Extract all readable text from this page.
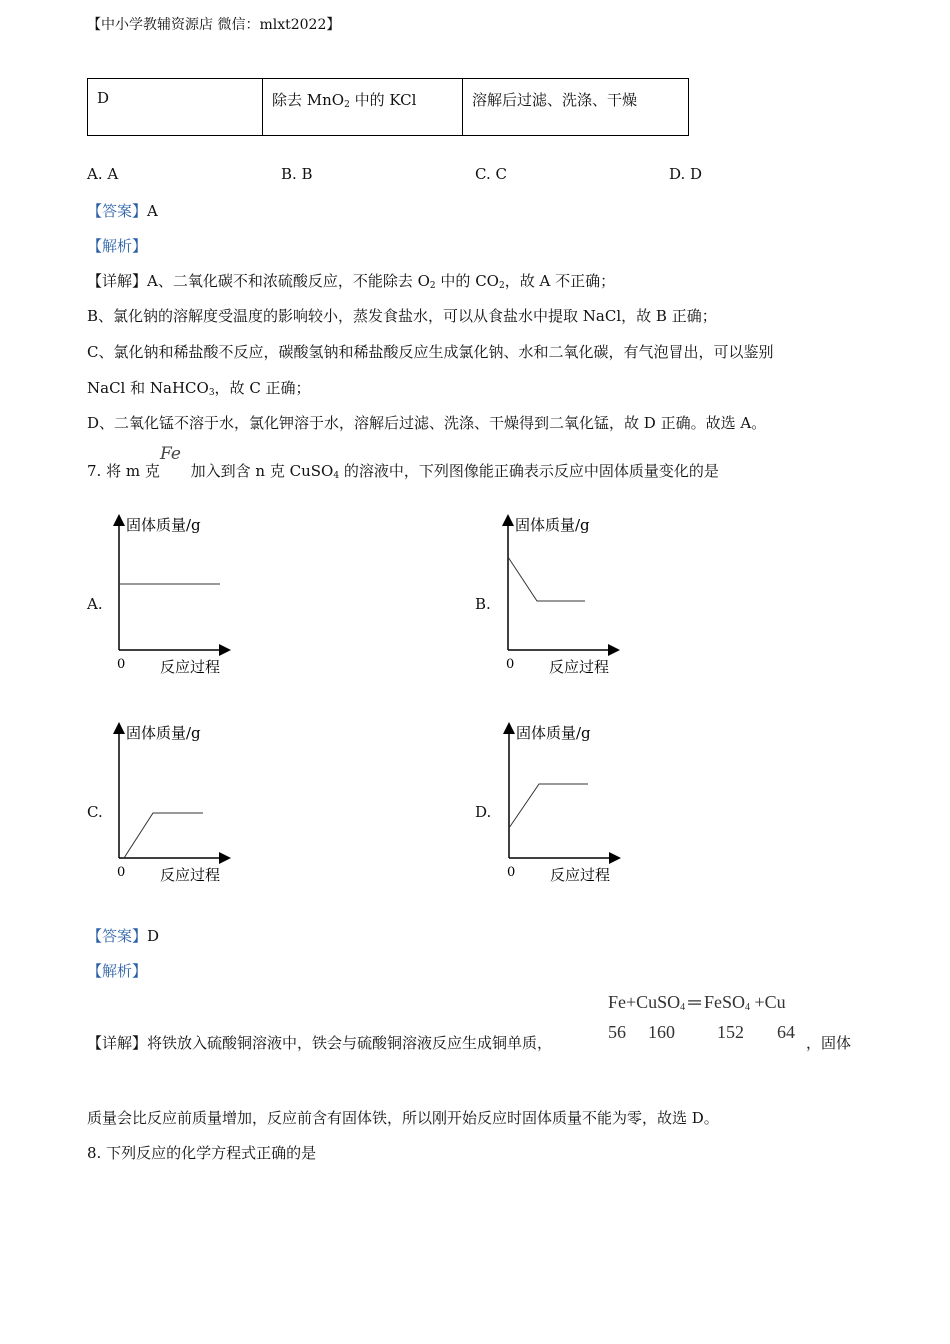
【中小学教辅资源店 微信：mlxt2022】
D	除去 MnO$_2$ 中的 KCl	溶解后过滤、洗涤、干燥
A. A	B. B	C. C	D. D
【答案】A
【解析】
【详解】A、二氧化碳不和浓硫酸反应，不能除去 $O_2$ 中的 $CO_2$，故 A 不正确；
B、氯化钠的溶解度受温度的影响较小，蒸发食盐水，可以从食盐水中提取 NaCl，故 B 正确；
C、氯化钠和稀盐酸不反应，碳酸氢钠和稀盐酸反应生成氯化钠、水和二氧化碳，有气泡冒出，可以鉴别
NaCl 和 NaHCO$_3$，故 C 正确；
D、二氧化锰不溶于水，氯化钾溶于水，溶解后过滤、洗涤、干燥得到二氧化锰，故 D 正确。故选 A。
7. 将 m 克 加入到含 n 克 CuSO$_4$ 的溶液中，下列图像能正确表示反应中固体质量变化的是
Fe
A.
固体质量/g
0 反应过程
B.
固体质量/g
0 反应过程
C.
固体质量/g
0 反应过程
D.
固体质量/g
0 反应过程
【答案】D
【解析】
【详解】将铁放入硫酸铜溶液中，铁会与硫酸铜溶液反应生成铜单质，
Fe+CuSO$_4$ ═ FeSO$_4$ +Cu
56 160 152 64
，固体
质量会比反应前质量增加，反应前含有固体铁，所以刚开始反应时固体质量不能为零，故选 D。
8. 下列反应的化学方程式正确的是
